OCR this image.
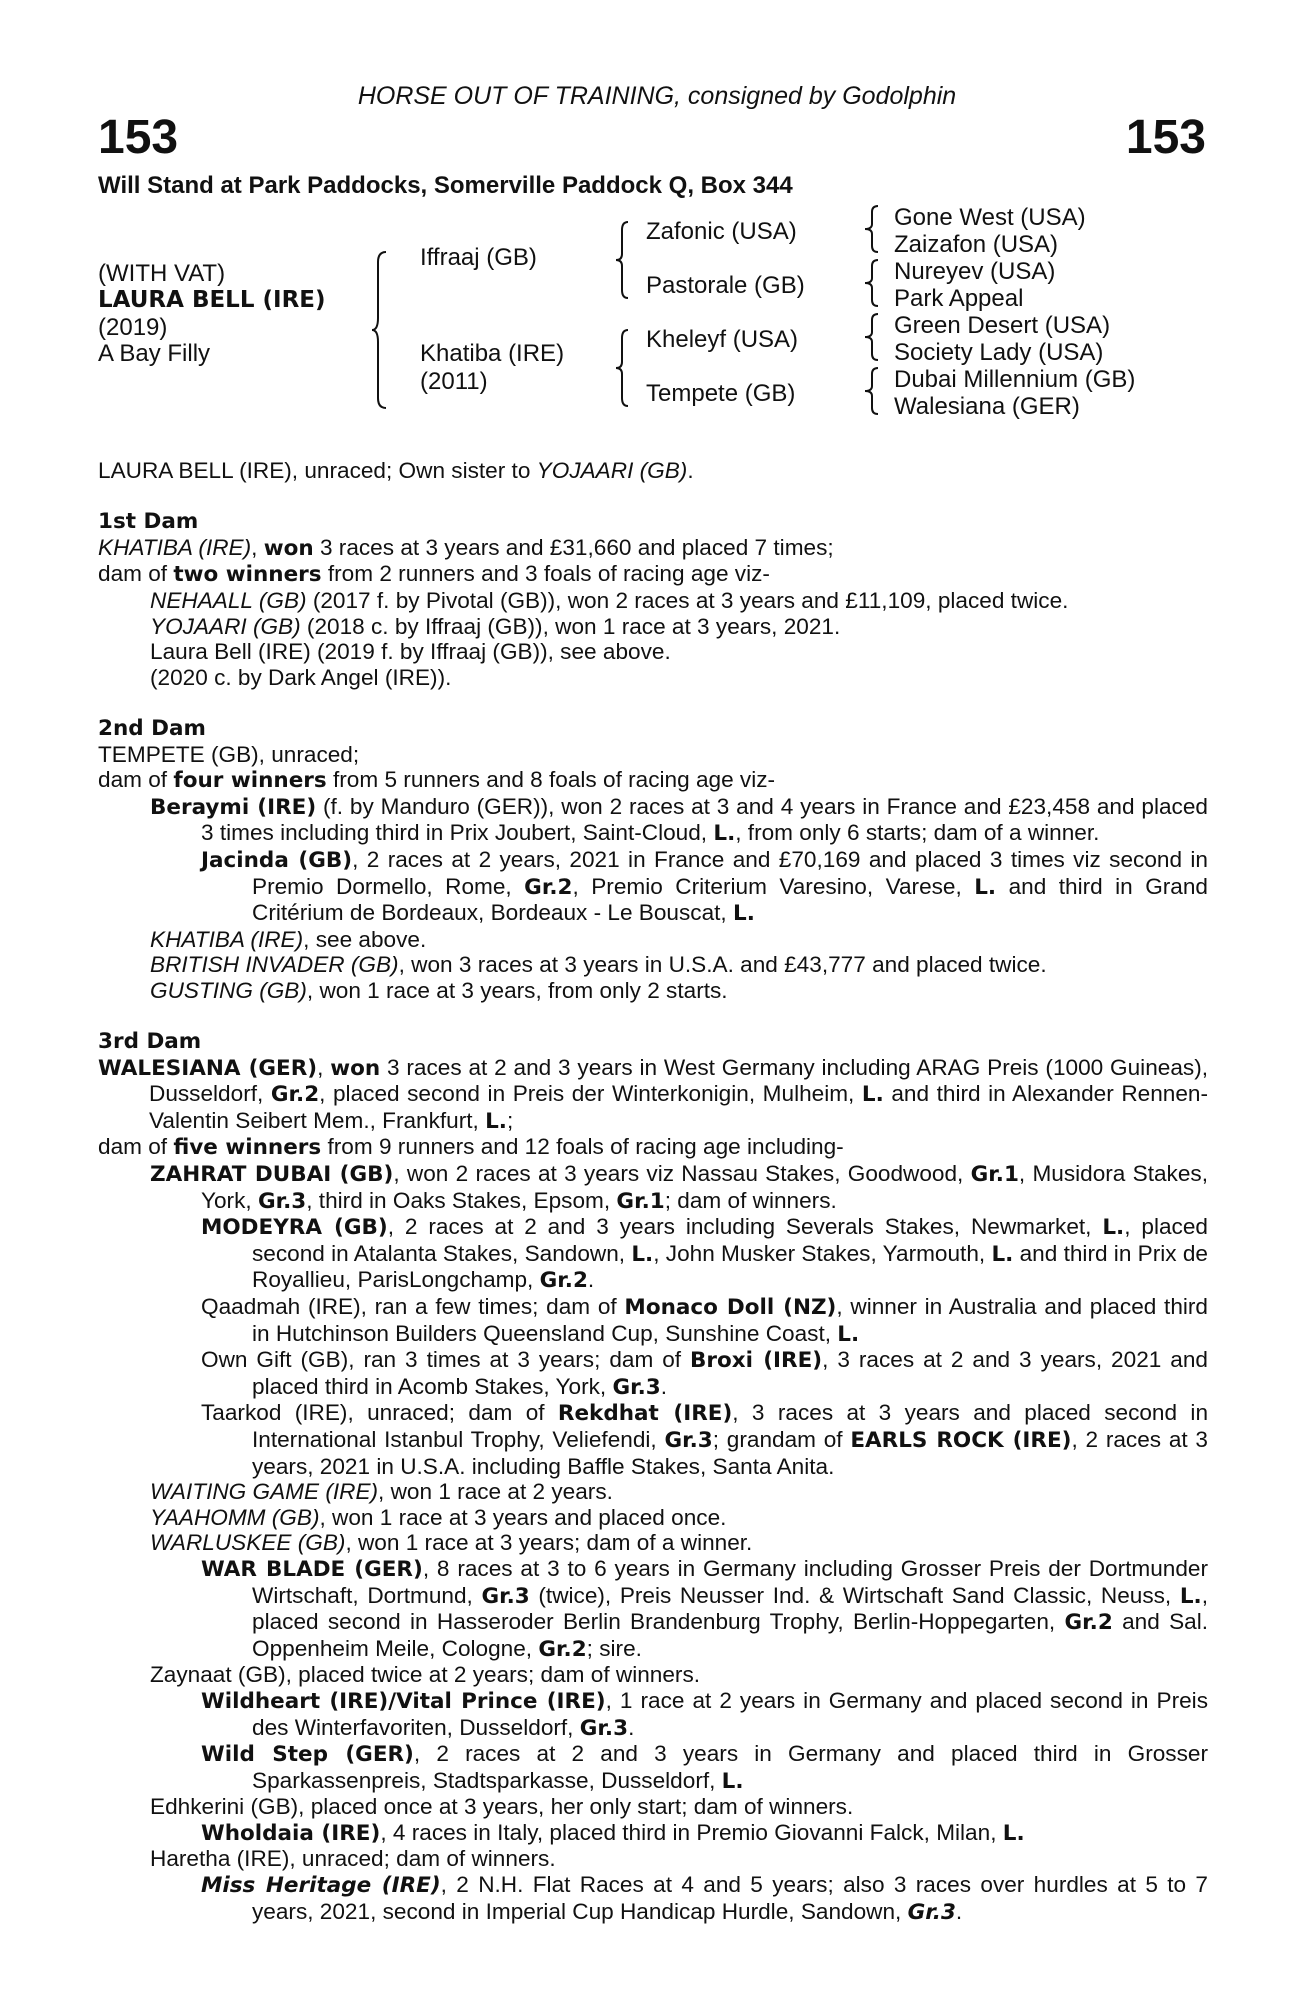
HORSE OUT OF TRAINING, consigned by Godolphin
153	153
Will Stand at Park Paddocks, Somerville Paddock Q, Box 344
(WITH VAT)
LAURA BELL (IRE)
(2019)
A Bay Filly
Iffraaj (GB)
Khatiba (IRE)
(2011)
Zafonic (USA)
Pastorale (GB)
Kheleyf (USA)
Tempete (GB)
Gone West (USA)
Zaizafon (USA)
Nureyev (USA)
Park Appeal
Green Desert (USA)
Society Lady (USA)
Dubai Millennium (GB)
Walesiana (GER)

LAURA BELL (IRE), unraced; Own sister to YOJAARI (GB).

1st Dam

KHATIBA (IRE), won 3 races at 3 years and £31,660 and placed 7 times;

dam of two winners from 2 runners and 3 foals of racing age viz-

NEHAALL (GB) (2017 f. by Pivotal (GB)), won 2 races at 3 years and £11,109, placed twice.

YOJAARI (GB) (2018 c. by Iffraaj (GB)), won 1 race at 3 years, 2021.

Laura Bell (IRE) (2019 f. by Iffraaj (GB)), see above.

(2020 c. by Dark Angel (IRE)).

2nd Dam

TEMPETE (GB), unraced;

dam of four winners from 5 runners and 8 foals of racing age viz-

Beraymi (IRE) (f. by Manduro (GER)), won 2 races at 3 and 4 years in France and £23,458 and placed 3 times including third in Prix Joubert, Saint-Cloud, L., from only 6 starts; dam of a winner.

Jacinda (GB), 2 races at 2 years, 2021 in France and £70,169 and placed 3 times viz second in Premio Dormello, Rome, Gr.2, Premio Criterium Varesino, Varese, L. and third in Grand Critérium de Bordeaux, Bordeaux - Le Bouscat, L.

KHATIBA (IRE), see above.

BRITISH INVADER (GB), won 3 races at 3 years in U.S.A. and £43,777 and placed twice.

GUSTING (GB), won 1 race at 3 years, from only 2 starts.

3rd Dam

WALESIANA (GER), won 3 races at 2 and 3 years in West Germany including ARAG Preis (1000 Guineas), Dusseldorf, Gr.2, placed second in Preis der Winterkonigin, Mulheim, L. and third in Alexander Rennen-Valentin Seibert Mem., Frankfurt, L.;

dam of five winners from 9 runners and 12 foals of racing age including-

ZAHRAT DUBAI (GB), won 2 races at 3 years viz Nassau Stakes, Goodwood, Gr.1, Musidora Stakes, York, Gr.3, third in Oaks Stakes, Epsom, Gr.1; dam of winners.

MODEYRA (GB), 2 races at 2 and 3 years including Severals Stakes, Newmarket, L., placed second in Atalanta Stakes, Sandown, L., John Musker Stakes, Yarmouth, L. and third in Prix de Royallieu, ParisLongchamp, Gr.2.

Qaadmah (IRE), ran a few times; dam of Monaco Doll (NZ), winner in Australia and placed third in Hutchinson Builders Queensland Cup, Sunshine Coast, L.

Own Gift (GB), ran 3 times at 3 years; dam of Broxi (IRE), 3 races at 2 and 3 years, 2021 and placed third in Acomb Stakes, York, Gr.3.

Taarkod (IRE), unraced; dam of Rekdhat (IRE), 3 races at 3 years and placed second in International Istanbul Trophy, Veliefendi, Gr.3; grandam of EARLS ROCK (IRE), 2 races at 3 years, 2021 in U.S.A. including Baffle Stakes, Santa Anita.

WAITING GAME (IRE), won 1 race at 2 years.

YAAHOMM (GB), won 1 race at 3 years and placed once.

WARLUSKEE (GB), won 1 race at 3 years; dam of a winner.

WAR BLADE (GER), 8 races at 3 to 6 years in Germany including Grosser Preis der Dortmunder Wirtschaft, Dortmund, Gr.3 (twice), Preis Neusser Ind. & Wirtschaft Sand Classic, Neuss, L., placed second in Hasseroder Berlin Brandenburg Trophy, Berlin-Hoppegarten, Gr.2 and Sal. Oppenheim Meile, Cologne, Gr.2; sire.

Zaynaat (GB), placed twice at 2 years; dam of winners.

Wildheart (IRE)/Vital Prince (IRE), 1 race at 2 years in Germany and placed second in Preis des Winterfavoriten, Dusseldorf, Gr.3.

Wild Step (GER), 2 races at 2 and 3 years in Germany and placed third in Grosser Sparkassenpreis, Stadtsparkasse, Dusseldorf, L.

Edhkerini (GB), placed once at 3 years, her only start; dam of winners.

Wholdaia (IRE), 4 races in Italy, placed third in Premio Giovanni Falck, Milan, L.

Haretha (IRE), unraced; dam of winners.

Miss Heritage (IRE), 2 N.H. Flat Races at 4 and 5 years; also 3 races over hurdles at 5 to 7 years, 2021, second in Imperial Cup Handicap Hurdle, Sandown, Gr.3.
